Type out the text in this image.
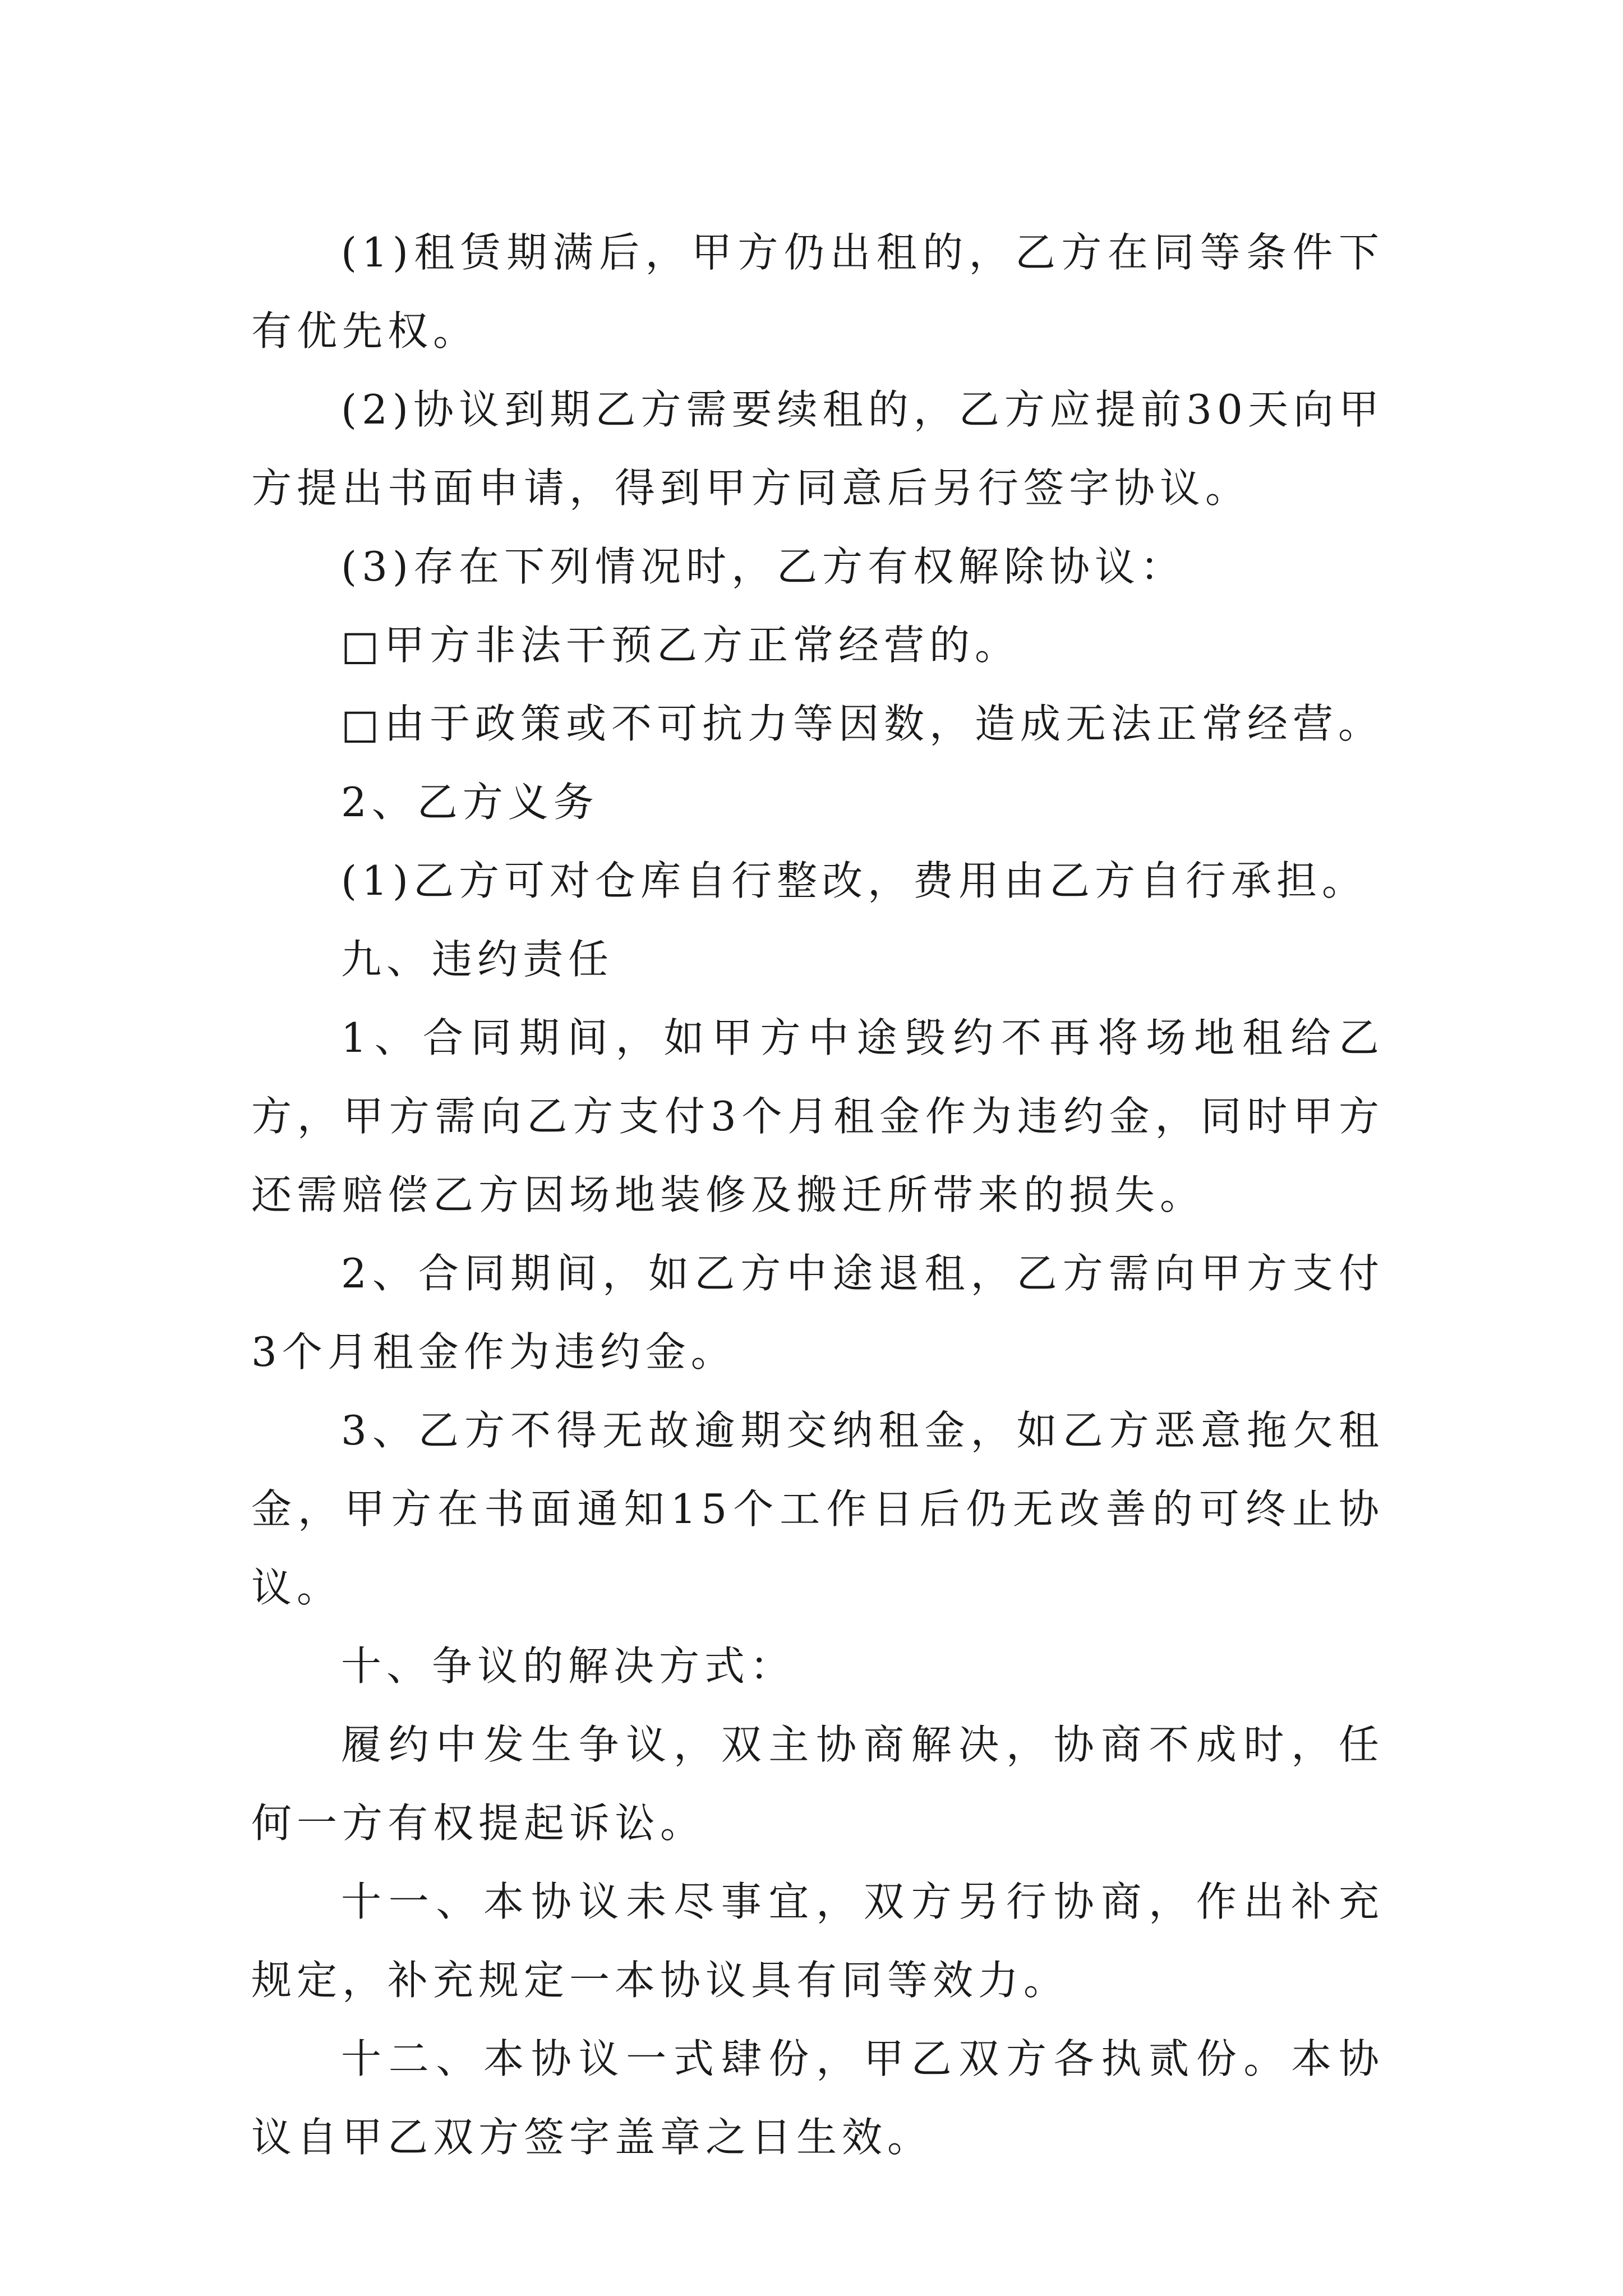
(1)租赁期满后，甲方仍出租的，乙方在同等条件下有优先权。

(2)协议到期乙方需要续租的，乙方应提前30天向甲方提出书面申请，得到甲方同意后另行签字协议。

(3)存在下列情况时，乙方有权解除协议：

□甲方非法干预乙方正常经营的。

□由于政策或不可抗力等因数，造成无法正常经营。

2、乙方义务

(1)乙方可对仓库自行整改，费用由乙方自行承担。

九、违约责任

1、合同期间，如甲方中途毁约不再将场地租给乙方，甲方需向乙方支付3个月租金作为违约金，同时甲方还需赔偿乙方因场地装修及搬迁所带来的损失。

2、合同期间，如乙方中途退租，乙方需向甲方支付3个月租金作为违约金。

3、乙方不得无故逾期交纳租金，如乙方恶意拖欠租金，甲方在书面通知15个工作日后仍无改善的可终止协议。

十、争议的解决方式：

履约中发生争议，双主协商解决，协商不成时，任何一方有权提起诉讼。

十一、本协议未尽事宜，双方另行协商，作出补充规定，补充规定一本协议具有同等效力。

十二、本协议一式肆份，甲乙双方各执贰份。本协议自甲乙双方签字盖章之日生效。
